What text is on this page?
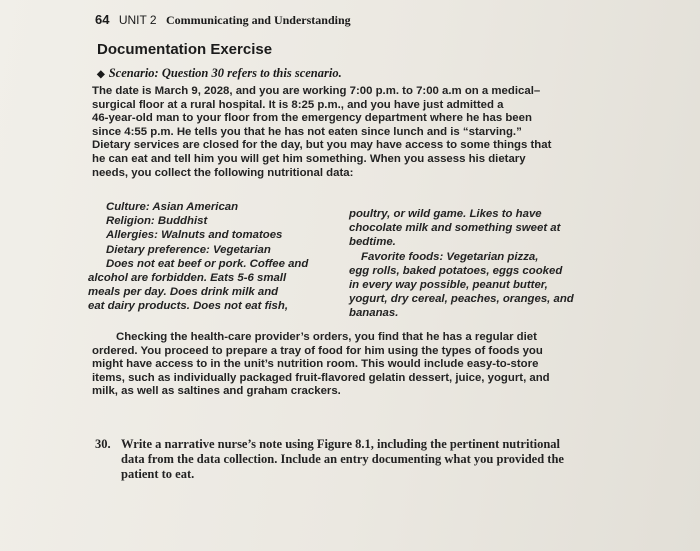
64 UNIT 2 Communicating and Understanding
Documentation Exercise
◆ Scenario: Question 30 refers to this scenario.
The date is March 9, 2028, and you are working 7:00 p.m. to 7:00 a.m on a medical–
surgical floor at a rural hospital. It is 8:25 p.m., and you have just admitted a
46-year-old man to your floor from the emergency department where he has been
since 4:55 p.m. He tells you that he has not eaten since lunch and is “starving.”
Dietary services are closed for the day, but you may have access to some things that
he can eat and tell him you will get him something. When you assess his dietary
needs, you collect the following nutritional data:
Culture: Asian American
Religion: Buddhist
Allergies: Walnuts and tomatoes
Dietary preference: Vegetarian
Does not eat beef or pork. Coffee and
alcohol are forbidden. Eats 5-6 small
meals per day. Does drink milk and
eat dairy products. Does not eat fish,
poultry, or wild game. Likes to have
chocolate milk and something sweet at
bedtime.
Favorite foods: Vegetarian pizza,
egg rolls, baked potatoes, eggs cooked
in every way possible, peanut butter,
yogurt, dry cereal, peaches, oranges, and
bananas.
Checking the health-care provider’s orders, you find that he has a regular diet
ordered. You proceed to prepare a tray of food for him using the types of foods you
might have access to in the unit’s nutrition room. This would include easy-to-store
items, such as individually packaged fruit-flavored gelatin dessert, juice, yogurt, and
milk, as well as saltines and graham crackers.
30. Write a narrative nurse’s note using Figure 8.1, including the pertinent nutritional
data from the data collection. Include an entry documenting what you provided the
patient to eat.
